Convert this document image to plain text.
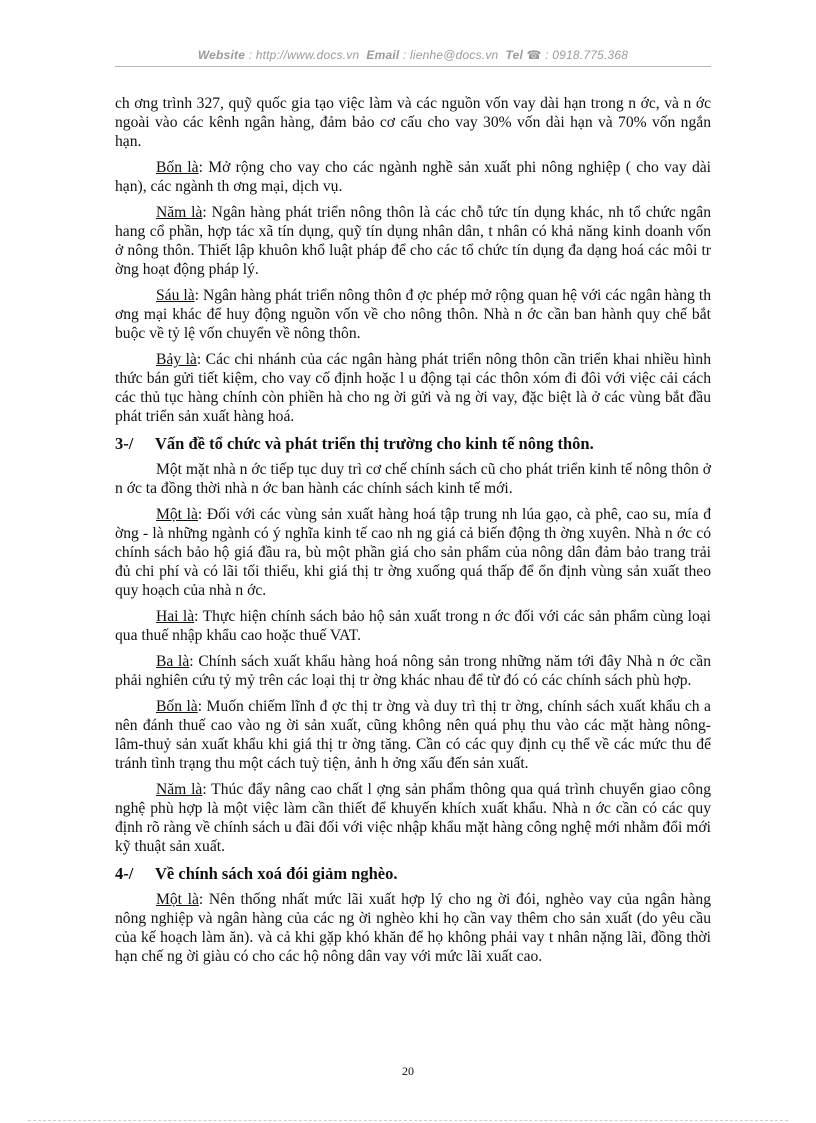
Website : http://www.docs.vn Email : lienhe@docs.vn Tel ☎ : 0918.775.368

ch ơng trình 327, quỹ quốc gia tạo việc làm và các nguồn vốn vay dài hạn trong n ớc, và n ớc ngoài vào các kênh ngân hàng, đảm bảo cơ cấu cho vay 30% vốn dài hạn và 70% vốn ngắn hạn.

Bốn là: Mở rộng cho vay cho các ngành nghề sản xuất phi nông nghiệp ( cho vay dài hạn), các ngành th ơng mại, dịch vụ.

Năm là: Ngân hàng phát triển nông thôn là các chỗ tức tín dụng khác, nh tổ chức ngân hang cổ phần, hợp tác xã tín dụng, quỹ tín dụng nhân dân, t nhân có khả năng kinh doanh vốn ở nông thôn. Thiết lập khuôn khổ luật pháp để cho các tổ chức tín dụng đa dạng hoá các môi tr ờng hoạt động pháp lý.

Sáu là: Ngân hàng phát triển nông thôn đ ợc phép mở rộng quan hệ với các ngân hàng th ơng mại khác để huy động nguồn vốn về cho nông thôn. Nhà n ớc cần ban hành quy chế bắt buộc về tỷ lệ vốn chuyển về nông thôn.

Bảy là: Các chi nhánh của các ngân hàng phát triển nông thôn cần triển khai nhiều hình thức bán gửi tiết kiệm, cho vay cố định hoặc l u động tại các thôn xóm đi đôi với việc cải cách các thủ tục hàng chính còn phiền hà cho ng ời gửi và ng ời vay, đặc biệt là ở các vùng bắt đầu phát triển sản xuất hàng hoá.

3-/ Vấn đề tổ chức và phát triển thị trường cho kinh tế nông thôn.

Một mặt nhà n ớc tiếp tục duy trì cơ chế chính sách cũ cho phát triển kinh tế nông thôn ở n ớc ta đồng thời nhà n ớc ban hành các chính sách kinh tế mới.

Một là: Đối với các vùng sản xuất hàng hoá tập trung nh lúa gạo, cà phê, cao su, mía đ ờng - là những ngành có ý nghĩa kinh tế cao nh ng giá cả biến động th ờng xuyên. Nhà n ớc có chính sách bảo hộ giá đầu ra, bù một phần giá cho sản phẩm của nông dân đảm bảo trang trải đủ chi phí và có lãi tối thiểu, khi giá thị tr ờng xuống quá thấp để ổn định vùng sản xuất theo quy hoạch của nhà n ớc.

Hai là: Thực hiện chính sách bảo hộ sản xuất trong n ớc đối với các sản phẩm cùng loại qua thuế nhập khẩu cao hoặc thuế VAT.

Ba là: Chính sách xuất khẩu hàng hoá nông sản trong những năm tới đây Nhà n ớc cần phải nghiên cứu tỷ mỷ trên các loại thị tr ờng khác nhau để từ đó có các chính sách phù hợp.

Bốn là: Muốn chiếm lĩnh đ ợc thị tr ờng và duy trì thị tr ờng, chính sách xuất khẩu ch a nên đánh thuế cao vào ng ời sản xuất, cũng không nên quá phụ thu vào các mặt hàng nông-lâm-thuỷ sản xuất khẩu khi giá thị tr ờng tăng. Cần có các quy định cụ thể về các mức thu để tránh tình trạng thu một cách tuỳ tiện, ảnh h ởng xấu đến sản xuất.

Năm là: Thúc đẩy nâng cao chất l ợng sản phẩm thông qua quá trình chuyển giao công nghệ phù hợp là một việc làm cần thiết để khuyến khích xuất khẩu. Nhà n ớc cần có các quy định rõ ràng về chính sách u đãi đối với việc nhập khẩu mặt hàng công nghệ mới nhằm đổi mới kỹ thuật sản xuất.

4-/ Về chính sách xoá đói giảm nghèo.

Một là: Nên thống nhất mức lãi xuất hợp lý cho ng ời đói, nghèo vay của ngân hàng nông nghiệp và ngân hàng của các ng ời nghèo khi họ cần vay thêm cho sản xuất (do yêu cầu của kế hoạch làm ăn). và cả khi gặp khó khăn để họ không phải vay t nhân nặng lãi, đồng thời hạn chế ng ời giàu có cho các hộ nông dân vay với mức lãi xuất cao.

20
